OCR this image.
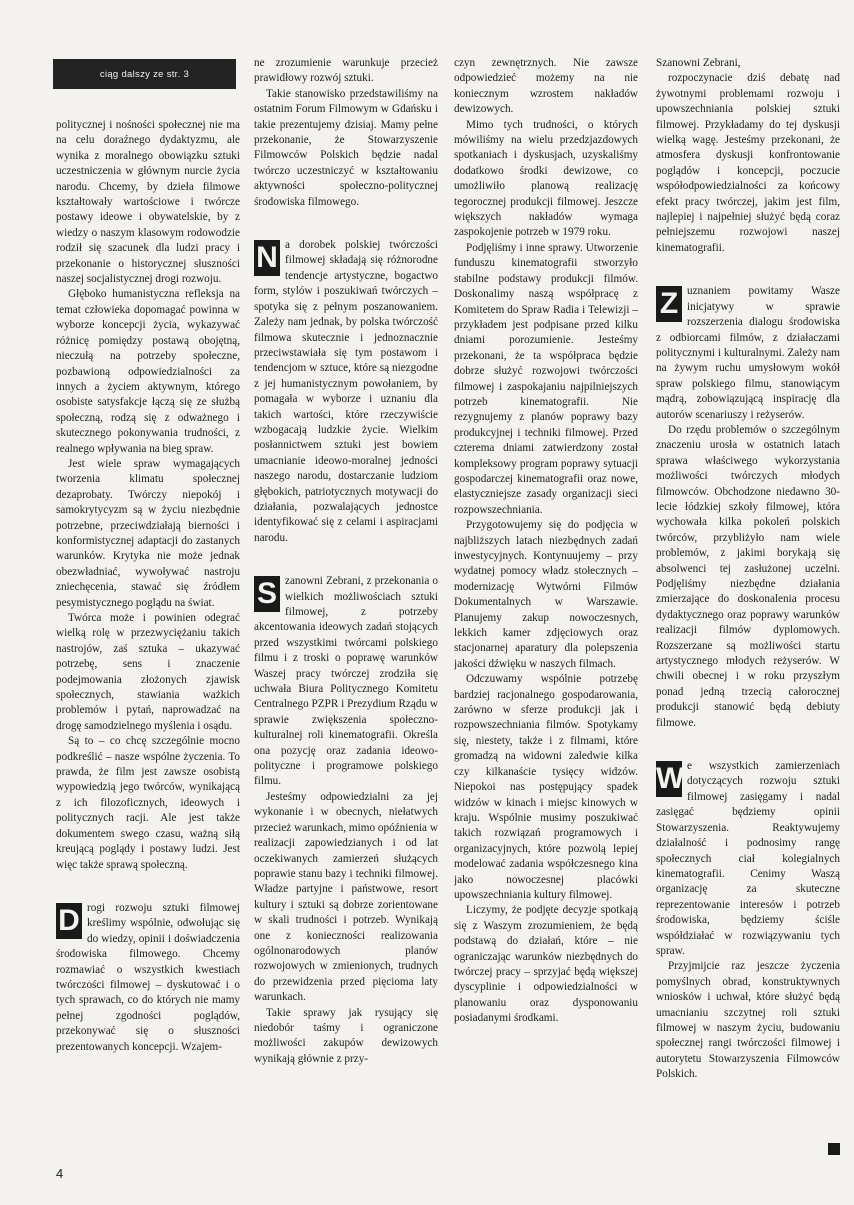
ciąg dalszy ze str. 3

politycznej i nośności społecznej nie ma na celu doraźnego dydaktyzmu, ale wynika z moralnego obowiązku sztuki uczestniczenia w głównym nurcie życia narodu. Chcemy, by dzieła filmowe kształtowały wartościowe i twórcze postawy ideowe i obywatelskie, by z wiedzy o naszym klasowym rodowodzie rodził się szacunek dla ludzi pracy i przekonanie o historycznej słuszności naszej socjalistycznej drogi rozwoju.

Głęboko humanistyczna refleksja na temat człowieka dopomagać powinna w wyborze koncepcji życia, wykazywać różnicę pomiędzy postawą obojętną, nieczułą na potrzeby społeczne, pozbawioną odpowiedzialności za innych a życiem aktywnym, którego osobiste satysfakcje łączą się ze służbą społeczną, rodzą się z odważnego i skutecznego pokonywania trudności, z realnego wpływania na bieg spraw.

Jest wiele spraw wymagających tworzenia klimatu społecznej dezaprobaty. Twórczy niepokój i samokrytycyzm są w życiu niezbędnie potrzebne, przeciwdziałają bierności i konformistycznej adaptacji do zastanych warunków. Krytyka nie może jednak obezwładniać, wywoływać nastroju zniechęcenia, stawać się źródłem pesymistycznego poglądu na świat.

Twórca może i powinien odegrać wielką rolę w przezwyciężaniu takich nastrojów, zaś sztuka – ukazywać potrzebę, sens i znaczenie podejmowania złożonych zjawisk społecznych, stawiania ważkich problemów i pytań, naprowadzać na drogę samodzielnego myślenia i osądu.

Są to – co chcę szczególnie mocno podkreślić – nasze wspólne życzenia. To prawda, że film jest zawsze osobistą wypowiedzią jego twórców, wynikającą z ich filozoficznych, ideowych i politycznych racji. Ale jest także dokumentem swego czasu, ważną siłą kreującą poglądy i postawy ludzi. Jest więc także sprawą społeczną.

D rogi rozwoju sztuki filmowej kreślimy wspólnie, odwołując się do wiedzy, opinii i doświadczenia środowiska filmowego. Chcemy rozmawiać o wszystkich kwestiach twórczości filmowej – dyskutować i o tych sprawach, co do których nie mamy pełnej zgodności poglądów, przekonywać się o słuszności prezentowanych koncepcji. Wzajem-

ne zrozumienie warunkuje przecież prawidłowy rozwój sztuki.

Takie stanowisko przedstawiliśmy na ostatnim Forum Filmowym w Gdańsku i takie prezentujemy dzisiaj. Mamy pełne przekonanie, że Stowarzyszenie Filmowców Polskich będzie nadal twórczo uczestniczyć w kształtowaniu aktywności społeczno-politycznej środowiska filmowego.

N a dorobek polskiej twórczości filmowej składają się różnorodne tendencje artystyczne, bogactwo form, stylów i poszukiwań twórczych – spotyka się z pełnym poszanowaniem. Zależy nam jednak, by polska twórczość filmowa skutecznie i jednoznacznie przeciwstawiała się tym postawom i tendencjom w sztuce, które są niezgodne z jej humanistycznym powołaniem, by pomagała w wyborze i uznaniu dla takich wartości, które rzeczywiście wzbogacają ludzkie życie. Wielkim posłannictwem sztuki jest bowiem umacnianie ideowo-moralnej jedności naszego narodu, dostarczanie ludziom głębokich, patriotycznych motywacji do działania, pozwalających jednostce identyfikować się z celami i aspiracjami narodu.

S zanowni Zebrani, z przekonania o wielkich możliwościach sztuki filmowej, z potrzeby akcentowania ideowych zadań stojących przed wszystkimi twórcami polskiego filmu i z troski o poprawę warunków Waszej pracy twórczej zrodziła się uchwała Biura Politycznego Komitetu Centralnego PZPR i Prezydium Rządu w sprawie zwiększenia społeczno-kulturalnej roli kinematografii. Określa ona pozycję oraz zadania ideowo-polityczne i programowe polskiego filmu.

Jesteśmy odpowiedzialni za jej wykonanie i w obecnych, niełatwych przecież warunkach, mimo opóźnienia w realizacji zapowiedzianych i od lat oczekiwanych zamierzeń służących poprawie stanu bazy i techniki filmowej. Władze partyjne i państwowe, resort kultury i sztuki są dobrze zorientowane w skali trudności i potrzeb. Wynikają one z konieczności realizowania ogólnonarodowych planów rozwojowych w zmienionych, trudnych do przewidzenia przed pięciomа laty warunkach.

Takie sprawy jak rysujący się niedobór taśmy i ograniczone możliwości zakupów dewizowych wynikają głównie z przy-

czyn zewnętrznych. Nie zawsze odpowiedzieć możemy na nie koniecznym wzrostem nakładów dewizowych.

Mimo tych trudności, o których mówiliśmy na wielu przedzjazdowych spotkaniach i dyskusjach, uzyskaliśmy dodatkowo środki dewizowe, co umożliwiło planową realizację tegorocznej produkcji filmowej. Jeszcze większych nakładów wymaga zaspokojenie potrzeb w 1979 roku.

Podjęliśmy i inne sprawy. Utworzenie funduszu kinematografii stworzyło stabilne podstawy produkcji filmów. Doskonalimy naszą współpracę z Komitetem do Spraw Radia i Telewizji – przykładem jest podpisane przed kilku dniami porozumienie. Jesteśmy przekonani, że ta współpraca będzie dobrze służyć rozwojowi twórczości filmowej i zaspokajaniu najpilniejszych potrzeb kinematografii. Nie rezygnujemy z planów poprawy bazy produkcyjnej i techniki filmowej. Przed czterema dniami zatwierdzony został kompleksowy program poprawy sytuacji gospodarczej kinematografii oraz nowe, elastyczniejsze zasady organizacji sieci rozpowszechniania.

Przygotowujemy się do podjęcia w najbliższych latach niezbędnych zadań inwestycyjnych. Kontynuujemy – przy wydatnej pomocy władz stołecznych – modernizację Wytwórni Filmów Dokumentalnych w Warszawie. Planujemy zakup nowoczesnych, lekkich kamer zdjęciowych oraz stacjonarnej aparatury dla polepszenia jakości dźwięku w naszych filmach.

Odczuwamy wspólnie potrzebę bardziej racjonalnego gospodarowania, zarówno w sferze produkcji jak i rozpowszechniania filmów. Spotykamy się, niestety, także i z filmami, które gromadzą na widowni zaledwie kilka czy kilkanaście tysięcy widzów. Niepokoi nas postępujący spadek widzów w kinach i miejsc kinowych w kraju. Wspólnie musimy poszukiwać takich rozwiązań programowych i organizacyjnych, które pozwolą lepiej modelować zadania współczesnego kina jako nowoczesnej placówki upowszechniania kultury filmowej.

Liczymy, że podjęte decyzje spotkają się z Waszym zrozumieniem, że będą podstawą do działań, które – nie ograniczając warunków niezbędnych do twórczej pracy – sprzyjać będą większej dyscyplinie i odpowiedzialności w planowaniu oraz dysponowaniu posiadanymi środkami.

Szanowni Zebrani,

rozpoczynacie dziś debatę nad żywotnymi problemami rozwoju i upowszechniania polskiej sztuki filmowej. Przykładamy do tej dyskusji wielką wagę. Jesteśmy przekonani, że atmosfera dyskusji konfrontowanie poglądów i koncepcji, poczucie współodpowiedzialności za końcowy efekt pracy twórczej, jakim jest film, najlepiej i najpełniej służyć będą coraz pełniejszemu rozwojowi naszej kinematografii.

Z uznaniem powitamy Wasze inicjatywy w sprawie rozszerzenia dialogu środowiska z odbiorcami filmów, z działaczami politycznymi i kulturalnymi. Zależy nam na żywym ruchu umysłowym wokół spraw polskiego filmu, stanowiącym mądrą, zobowiązującą inspirację dla autorów scenariuszy i reżyserów.

Do rzędu problemów o szczególnym znaczeniu urosła w ostatnich latach sprawa właściwego wykorzystania możliwości twórczych młodych filmowców. Obchodzone niedawno 30-lecie łódzkiej szkoły filmowej, która wychowała kilka pokoleń polskich twórców, przybliżyło nam wiele problemów, z jakimi borykają się absolwenci tej zasłużonej uczelni. Podjęliśmy niezbędne działania zmierzające do doskonalenia procesu dydaktycznego oraz poprawy warunków realizacji filmów dyplomowych. Rozszerzane są możliwości startu artystycznego młodych reżyserów. W chwili obecnej i w roku przyszłym ponad jedną trzecią całorocznej produkcji stanowić będą debiuty filmowe.

W e wszystkich zamierzeniach dotyczących rozwoju sztuki filmowej zasięgamy i nadal zasięgać będziemy opinii Stowarzyszenia. Reaktywujemy działalność i podnosimy rangę społecznych ciał kolegialnych kinematografii. Cenimy Waszą organizację za skuteczne reprezentowanie interesów i potrzeb środowiska, będziemy ściśle współdziałać w rozwiązywaniu tych spraw.

Przyjmijcie raz jeszcze życzenia pomyślnych obrad, konstruktywnych wniosków i uchwał, które służyć będą umacnianiu szczytnej roli sztuki filmowej w naszym życiu, budowaniu społecznej rangi twórczości filmowej i autorytetu Stowarzyszenia Filmowców Polskich.

4
